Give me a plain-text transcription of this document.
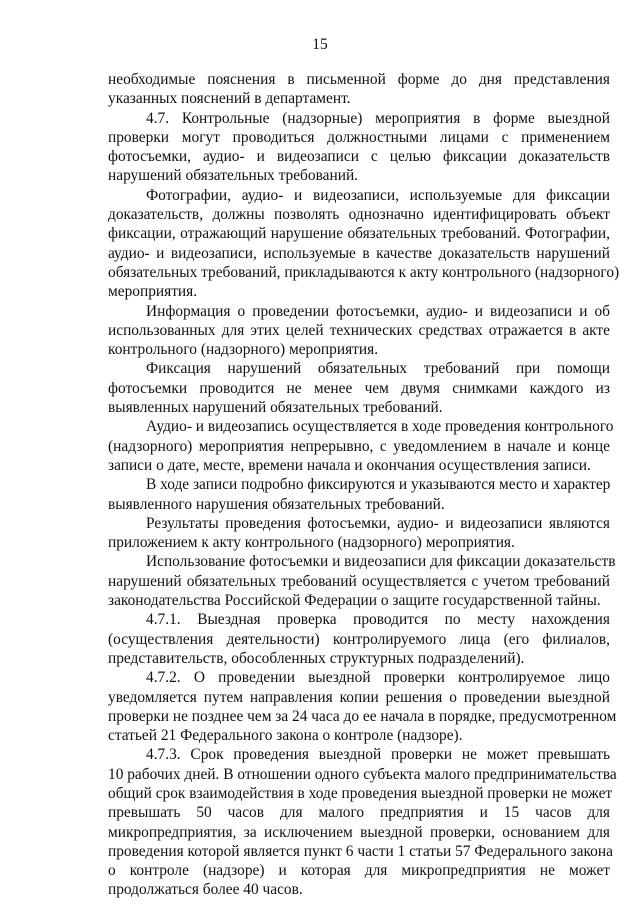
15
необходимые пояснения в письменной форме до дня представления
указанных пояснений в департамент.
4.7. Контрольные (надзорные) мероприятия в форме выездной
проверки могут проводиться должностными лицами с применением
фотосъемки, аудио- и видеозаписи с целью фиксации доказательств
нарушений обязательных требований.
Фотографии, аудио- и видеозаписи, используемые для фиксации
доказательств, должны позволять однозначно идентифицировать объект
фиксации, отражающий нарушение обязательных требований. Фотографии,
аудио- и видеозаписи, используемые в качестве доказательств нарушений
обязательных требований, прикладываются к акту контрольного (надзорного)
мероприятия.
Информация о проведении фотосъемки, аудио- и видеозаписи и об
использованных для этих целей технических средствах отражается в акте
контрольного (надзорного) мероприятия.
Фиксация нарушений обязательных требований при помощи
фотосъемки проводится не менее чем двумя снимками каждого из
выявленных нарушений обязательных требований.
Аудио- и видеозапись осуществляется в ходе проведения контрольного
(надзорного) мероприятия непрерывно, с уведомлением в начале и конце
записи о дате, месте, времени начала и окончания осуществления записи.
В ходе записи подробно фиксируются и указываются место и характер
выявленного нарушения обязательных требований.
Результаты проведения фотосъемки, аудио- и видеозаписи являются
приложением к акту контрольного (надзорного) мероприятия.
Использование фотосъемки и видеозаписи для фиксации доказательств
нарушений обязательных требований осуществляется с учетом требований
законодательства Российской Федерации о защите государственной тайны.
4.7.1. Выездная проверка проводится по месту нахождения
(осуществления деятельности) контролируемого лица (его филиалов,
представительств, обособленных структурных подразделений).
4.7.2. О проведении выездной проверки контролируемое лицо
уведомляется путем направления копии решения о проведении выездной
проверки не позднее чем за 24 часа до ее начала в порядке, предусмотренном
статьей 21 Федерального закона о контроле (надзоре).
4.7.3. Срок проведения выездной проверки не может превышать
10 рабочих дней. В отношении одного субъекта малого предпринимательства
общий срок взаимодействия в ходе проведения выездной проверки не может
превышать 50 часов для малого предприятия и 15 часов для
микропредприятия, за исключением выездной проверки, основанием для
проведения которой является пункт 6 части 1 статьи 57 Федерального закона
о контроле (надзоре) и которая для микропредприятия не может
продолжаться более 40 часов.
